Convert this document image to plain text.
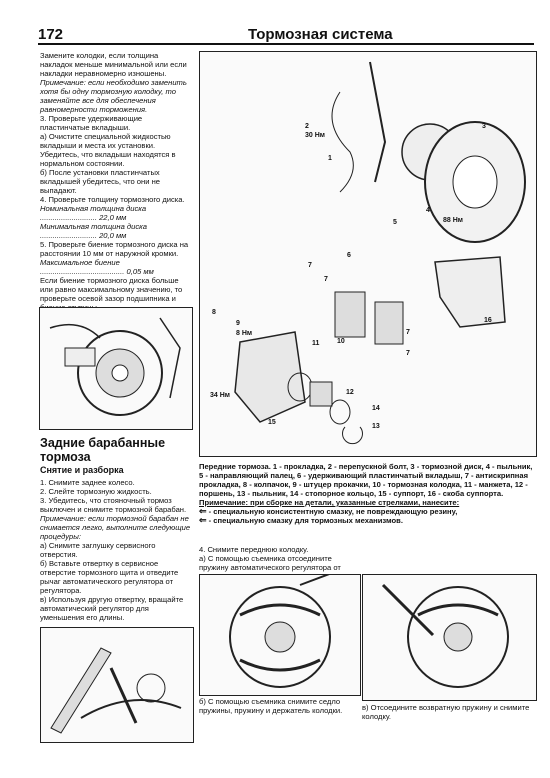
172	Тормозная система

Замените колодки, если толщина накладок меньше минимальной или если накладки неравномерно изношены.

Примечание: если необходимо заменить хотя бы одну тормозную колодку, то заменяйте все для обеспечения равномерности торможения.

3. Проверьте удерживающие пластинчатые вкладыши.

а) Очистите специальной жидкостью вкладыши и места их установки. Убедитесь, что вкладыши находятся в нормальном состоянии.

б) После установки пластинчатых вкладышей убедитесь, что они не выпадают.

4. Проверьте толщину тормозного диска.

Номинальная толщина диска ........................... 22,0 мм

Минимальная толщина диска ........................... 20,0 мм

5. Проверьте биение тормозного диска на расстоянии 10 мм от наружной кромки.

Максимальное биение ........................................ 0,05 мм

Если биение тормозного диска больше или равно максимальному значению, то проверьте осевой зазор подшипника и

2
30 Нм
1
3
4
5	88 Нм
6
7
7
7
7
8
9
8 Нм
10
11
12
13
14
15
16
34 Нм
Задние барабанные тормоза
Снятие и разборка

1. Снимите заднее колесо.

2. Слейте тормозную жидкость.

3. Убедитесь, что стояночный тормоз выключен и снимите тормозной барабан.

Примечание: если тормозной барабан не снимается легко, выполните следующие процедуры:

а) Снимите заглушку сервисного отверстия.

б) Вставьте отвертку в сервисное отверстие тормозного щита и отведите рычаг автоматического регулятора от регулятора.

в) Используя другую отвертку, вращайте автоматический регулятор для уменьшения его длины.

Передние тормоза. 1 - прокладка, 2 - перепускной болт, 3 - тормозной диск, 4 - пыльник, 5 - направляющий палец, 6 - удерживающий пластинчатый вкладыш, 7 - антискрипная прокладка, 8 - колпачок, 9 - штуцер прокачки, 10 - тормозная колодка, 11 - манжета, 12 - поршень, 13 - пыльник, 14 - стопорное кольцо, 15 - суппорт, 16 - скоба суппорта.
Примечание: при сборке на детали, указанные стрелками, нанесите:
⇐ - специальную консистентную смазку, не повреждающую резину,
⇐ - специальную смазку для тормозных механизмов.

4. Снимите переднюю колодку.

а) С помощью съемника отсоедините пружину автоматического регулятора от

б) С помощью съемника снимите седло пружины, пружину и держатель колодки.	в) Отсоедините возвратную пружину и снимите колодку.
